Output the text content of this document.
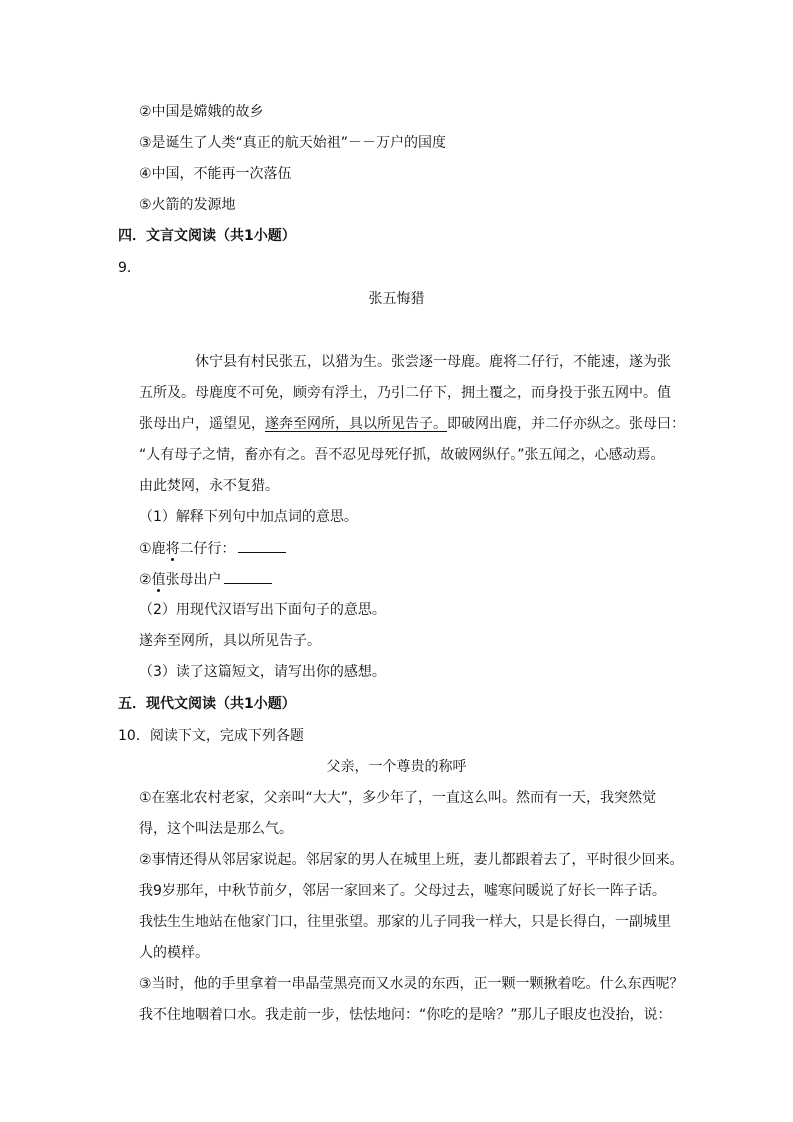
②中国是嫦娥的故乡
③是诞生了人类“真正的航天始祖”－－万户的国度
④中国，不能再一次落伍
⑤火箭的发源地
四．文言文阅读（共1小题）
9．
张五悔猎
休宁县有村民张五，以猎为生。张尝逐一母鹿。鹿将二仔行，不能速，遂为张
五所及。母鹿度不可免，顾旁有浮土，乃引二仔下，拥土覆之，而身投于张五网中。值
张母出户，遥望见，遂奔至网所，具以所见告子。即破网出鹿，并二仔亦纵之。张母曰：
“人有母子之情，畜亦有之。吾不忍见母死仔抓，故破网纵仔。”张五闻之，心感动焉。
由此焚网，永不复猎。
（1）解释下列句中加点词的意思。
①鹿将二仔行：
②值张母出户
（2）用现代汉语写出下面句子的意思。
遂奔至网所，具以所见告子。
（3）读了这篇短文，请写出你的感想。
五．现代文阅读（共1小题）
10．阅读下文，完成下列各题
父亲，一个尊贵的称呼
①在塞北农村老家，父亲叫“大大”，多少年了，一直这么叫。然而有一天，我突然觉
得，这个叫法是那么气。
②事情还得从邻居家说起。邻居家的男人在城里上班，妻儿都跟着去了，平时很少回来。
我9岁那年，中秋节前夕，邻居一家回来了。父母过去，嘘寒问暖说了好长一阵子话。
我怯生生地站在他家门口，往里张望。那家的儿子同我一样大，只是长得白，一副城里
人的模样。
③当时，他的手里拿着一串晶莹黑亮而又水灵的东西，正一颗一颗揪着吃。什么东西呢？
我不住地咽着口水。我走前一步，怯怯地问：“你吃的是啥？”那儿子眼皮也没抬，说：
